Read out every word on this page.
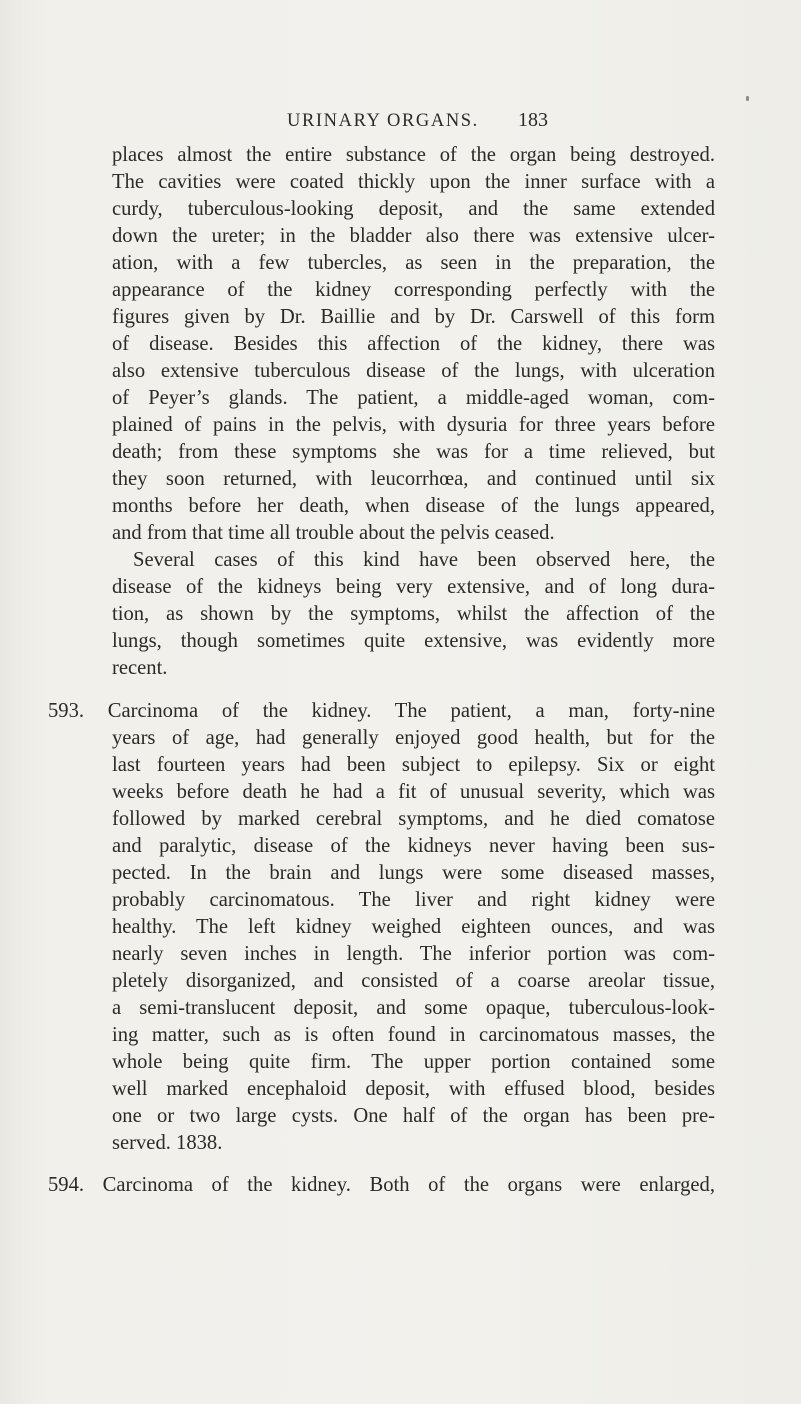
URINARY ORGANS. 183
places almost the entire substance of the organ being destroyed.
The cavities were coated thickly upon the inner surface with a
curdy, tuberculous-looking deposit, and the same extended
down the ureter; in the bladder also there was extensive ulcer-
ation, with a few tubercles, as seen in the preparation, the
appearance of the kidney corresponding perfectly with the
figures given by Dr. Baillie and by Dr. Carswell of this form
of disease. Besides this affection of the kidney, there was
also extensive tuberculous disease of the lungs, with ulceration
of Peyer’s glands. The patient, a middle-aged woman, com-
plained of pains in the pelvis, with dysuria for three years before
death; from these symptoms she was for a time relieved, but
they soon returned, with leucorrhœa, and continued until six
months before her death, when disease of the lungs appeared,
and from that time all trouble about the pelvis ceased.
Several cases of this kind have been observed here, the
disease of the kidneys being very extensive, and of long dura-
tion, as shown by the symptoms, whilst the affection of the
lungs, though sometimes quite extensive, was evidently more
recent.
593. Carcinoma of the kidney. The patient, a man, forty-nine
years of age, had generally enjoyed good health, but for the
last fourteen years had been subject to epilepsy. Six or eight
weeks before death he had a fit of unusual severity, which was
followed by marked cerebral symptoms, and he died comatose
and paralytic, disease of the kidneys never having been sus-
pected. In the brain and lungs were some diseased masses,
probably carcinomatous. The liver and right kidney were
healthy. The left kidney weighed eighteen ounces, and was
nearly seven inches in length. The inferior portion was com-
pletely disorganized, and consisted of a coarse areolar tissue,
a semi-translucent deposit, and some opaque, tuberculous-look-
ing matter, such as is often found in carcinomatous masses, the
whole being quite firm. The upper portion contained some
well marked encephaloid deposit, with effused blood, besides
one or two large cysts. One half of the organ has been pre-
served. 1838.
594. Carcinoma of the kidney. Both of the organs were enlarged,
